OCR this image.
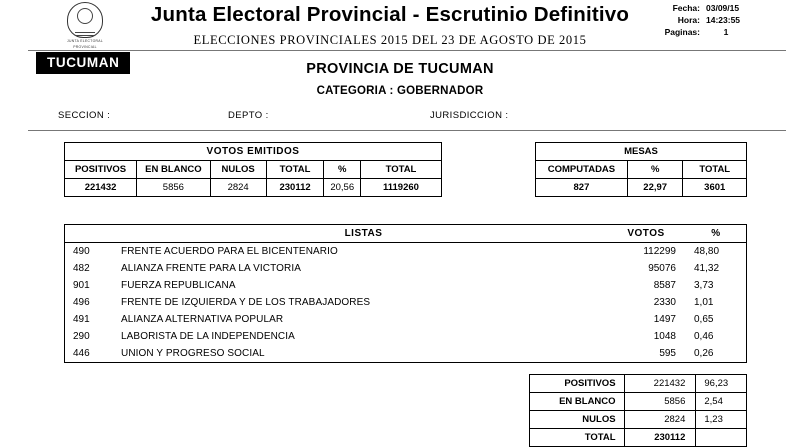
JUNTA ELECTORAL
PROVINCIAL
Junta Electoral Provincial - Escrutinio Definitivo
ELECCIONES PROVINCIALES 2015 DEL 23 DE AGOSTO DE 2015
Fecha: 03/09/15
Hora: 14:23:55
Paginas:	1
TUCUMAN	PROVINCIA DE TUCUMAN
CATEGORIA : GOBERNADOR
SECCION :	DEPTO :	JURISDICCION :
VOTOS EMITIDOS					
POSITIVOS	EN BLANCO	NULOS	TOTAL	%	TOTAL
221432	5856	2824	230112	20,56	1119260
MESAS		
COMPUTADAS	%	TOTAL
827	22,97	3601
	LISTAS	VOTOS	%
490	FRENTE ACUERDO PARA EL BICENTENARIO	112299	48,80
482	ALIANZA FRENTE PARA LA VICTORIA	95076	41,32
901	FUERZA REPUBLICANA	8587	3,73
496	FRENTE DE IZQUIERDA Y DE LOS TRABAJADORES	2330	1,01
491	ALIANZA ALTERNATIVA POPULAR	1497	0,65
290	LABORISTA DE LA INDEPENDENCIA	1048	0,46
446	UNION Y PROGRESO SOCIAL	595	0,26
POSITIVOS	221432	96,23
EN BLANCO	5856	2,54
NULOS	2824	1,23
TOTAL	230112	
